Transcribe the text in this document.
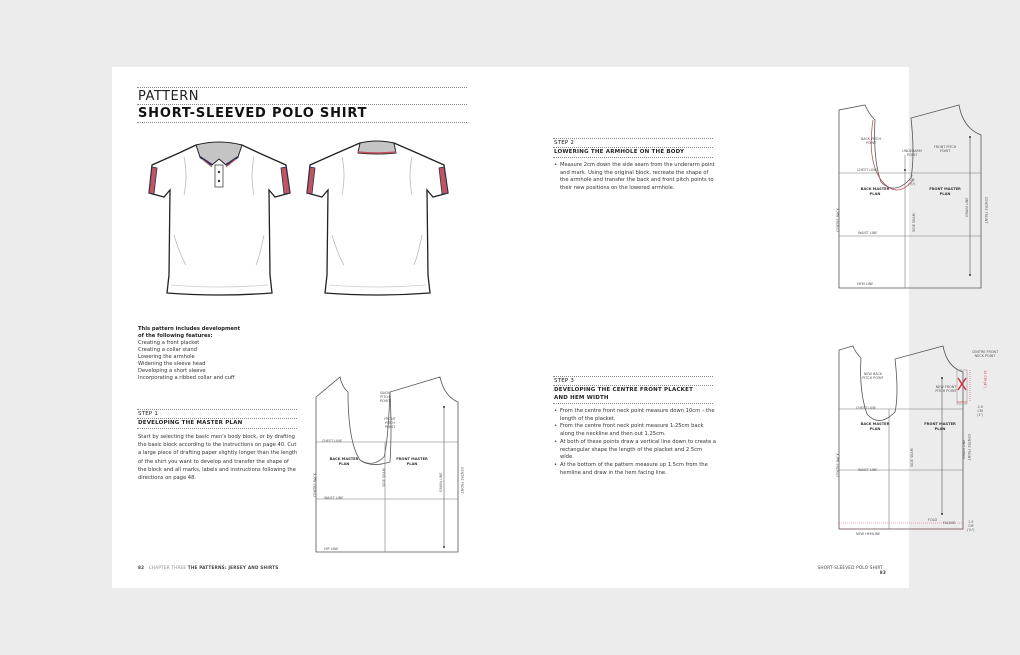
PATTERN
SHORT-SLEEVED POLO SHIRT
This pattern includes development
of the following features:
Creating a front placket
Creating a collar stand
Lowering the armhole
Widening the sleeve head
Developing a short sleeve
Incorporating a ribbed collar and cuff
STEP 1
DEVELOPING THE MASTER PLAN
Start by selecting the basic men's body block, or by drafting the basic block according to the instructions on page 40. Cut a large piece of drafting paper slightly longer than the length of the shirt you want to develop and transfer the shape of the block and all marks, labels and instructions following the directions on page 48.
BACK PITCH POINT
FRONT PITCH POINT
CHEST LINE
BACK MASTER PLAN
FRONT MASTER PLAN
CENTRE BACK	SIDE SEAM	GRAIN LINE	CENTRE FRONT
WAIST LINE
HIP LINE
82 CHAPTER THREE THE PATTERNS: JERSEY AND SHIRTS
STEP 2
LOWERING THE ARMHOLE ON THE BODY
• Measure 2cm down the side seam from the underarm point and mark. Using the original block, recreate the shape of the armhole and transfer the back and front pitch points to their new positions on the lowered armhole.
BACK PITCH POINT
UNDERARM POINT
FRONT PITCH POINT
CHEST LINE
2 CM (¾")
BACK MASTER PLAN
FRONT MASTER PLAN
CENTRE BACK	SIDE SEAM
GRAIN LINE	CENTRE FRONT
WAIST LINE
HEM LINE
STEP 3
DEVELOPING THE CENTRE FRONT PLACKET
AND HEM WIDTH
• From the centre front neck point measure down 10cm – the length of the placket.
• From the centre front neck point measure 1.25cm back along the neckline and then out 1.25cm.
• At both of these points draw a vertical line down to create a rectangular shape the length of the placket and 2.5cm wide.
• At the bottom of the pattern measure up 1.5cm from the hemline and draw in the hem facing line.
CENTRE FRONT NECK POINT
NEW BACK PITCH POINT
NEW FRONT PITCH POINT
10 CM (4")
2.5 CM (1")
CHEST LINE
BACK MASTER PLAN
FRONT MASTER PLAN
CENTRE BACK	SIDE SEAM	GRAIN LINE CENTRE FRONT
WAIST LINE
FOLD
FACING	1.5 CM (⅝")
NEW HEMLINE
SHORT-SLEEVED POLO SHIRT   83
